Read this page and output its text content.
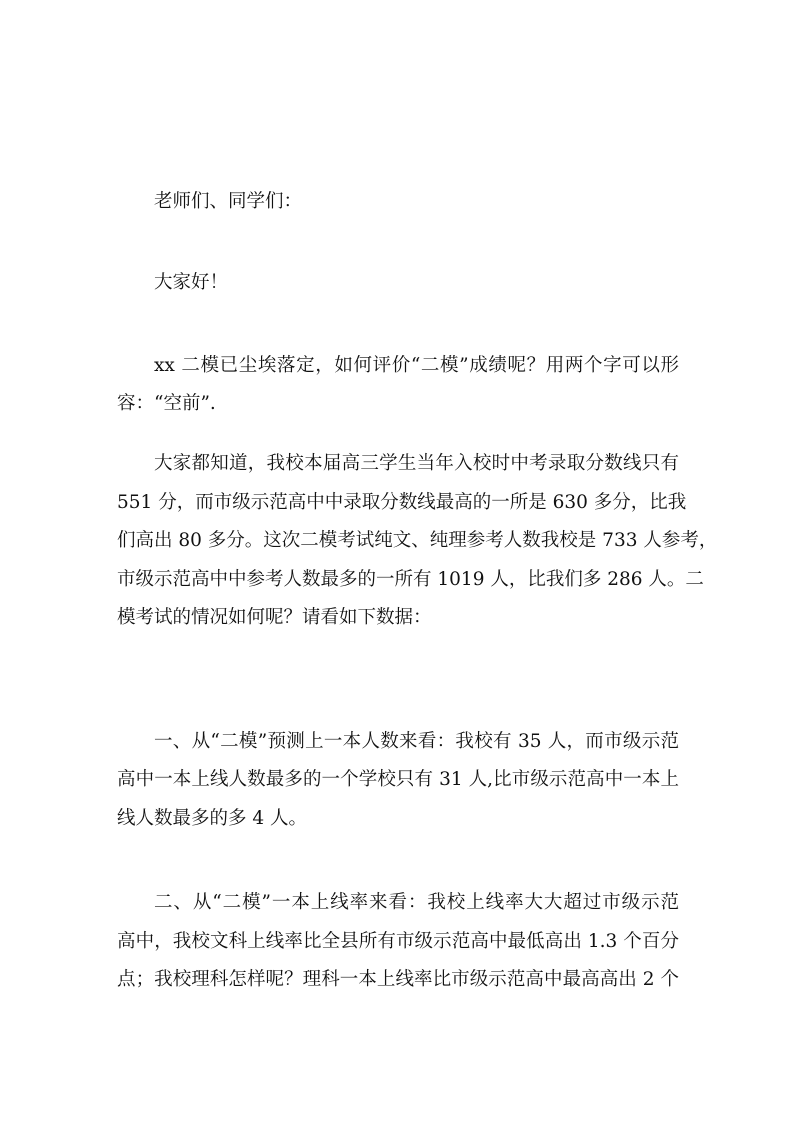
老师们、同学们：
大家好！
xx 二模已尘埃落定，如何评价“二模”成绩呢？用两个字可以形
容：“空前”.
大家都知道，我校本届高三学生当年入校时中考录取分数线只有
551 分，而市级示范高中中录取分数线最高的一所是 630 多分，比我
们高出 80 多分。这次二模考试纯文、纯理参考人数我校是 733 人参考，
市级示范高中中参考人数最多的一所有 1019 人，比我们多 286 人。二
模考试的情况如何呢？请看如下数据：
一、从“二模”预测上一本人数来看：我校有 35 人，而市级示范
高中一本上线人数最多的一个学校只有 31 人,比市级示范高中一本上
线人数最多的多 4 人。
二、从“二模”一本上线率来看：我校上线率大大超过市级示范
高中，我校文科上线率比全县所有市级示范高中最低高出 1.3 个百分
点；我校理科怎样呢？理科一本上线率比市级示范高中最高高出 2 个
